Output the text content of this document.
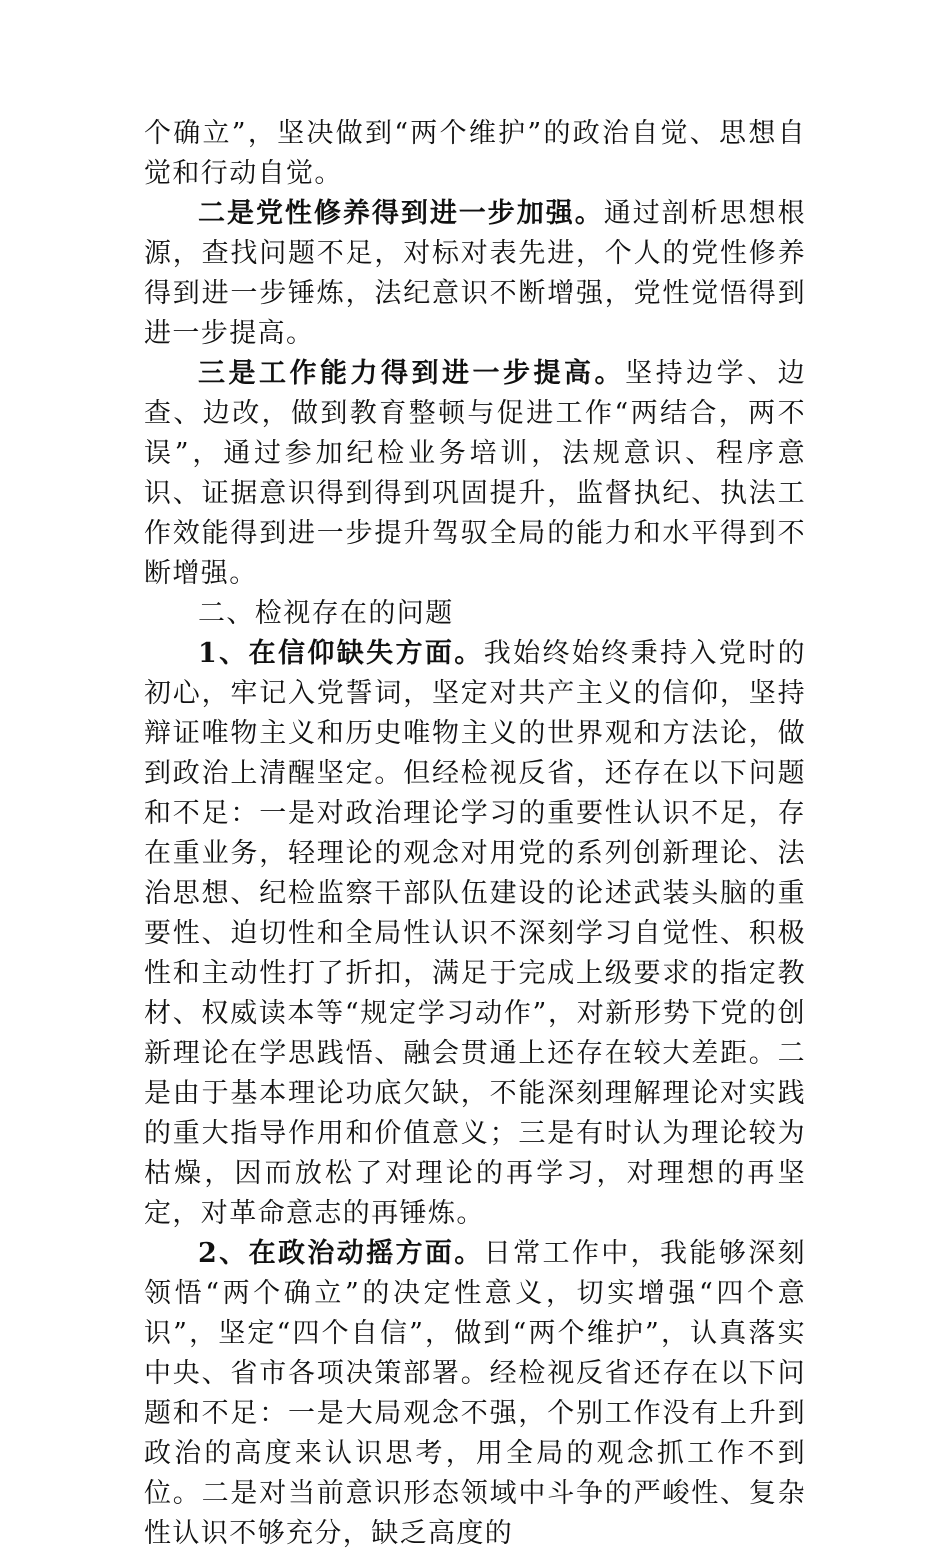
个确立”，坚决做到“两个维护”的政治自觉、思想自觉和行动自觉。

二是党性修养得到进一步加强。通过剖析思想根源，查找问题不足，对标对表先进，个人的党性修养得到进一步锤炼，法纪意识不断增强，党性觉悟得到进一步提高。

三是工作能力得到进一步提高。坚持边学、边查、边改，做到教育整顿与促进工作“两结合，两不误”，通过参加纪检业务培训，法规意识、程序意识、证据意识得到得到巩固提升，监督执纪、执法工作效能得到进一步提升驾驭全局的能力和水平得到不断增强。

二、检视存在的问题

1、在信仰缺失方面。我始终始终秉持入党时的初心，牢记入党誓词，坚定对共产主义的信仰，坚持辩证唯物主义和历史唯物主义的世界观和方法论，做到政治上清醒坚定。但经检视反省，还存在以下问题和不足：一是对政治理论学习的重要性认识不足，存在重业务，轻理论的观念对用党的系列创新理论、法治思想、纪检监察干部队伍建设的论述武装头脑的重要性、迫切性和全局性认识不深刻学习自觉性、积极性和主动性打了折扣，满足于完成上级要求的指定教材、权威读本等“规定学习动作”，对新形势下党的创新理论在学思践悟、融会贯通上还存在较大差距。二是由于基本理论功底欠缺，不能深刻理解理论对实践的重大指导作用和价值意义；三是有时认为理论较为枯燥，因而放松了对理论的再学习，对理想的再坚定，对革命意志的再锤炼。

2、在政治动摇方面。日常工作中，我能够深刻领悟“两个确立”的决定性意义，切实增强“四个意识”，坚定“四个自信”，做到“两个维护”，认真落实中央、省市各项决策部署。经检视反省还存在以下问题和不足：一是大局观念不强，个别工作没有上升到政治的高度来认识思考，用全局的观念抓工作不到位。二是对当前意识形态领域中斗争的严峻性、复杂性认识不够充分，缺乏高度的
